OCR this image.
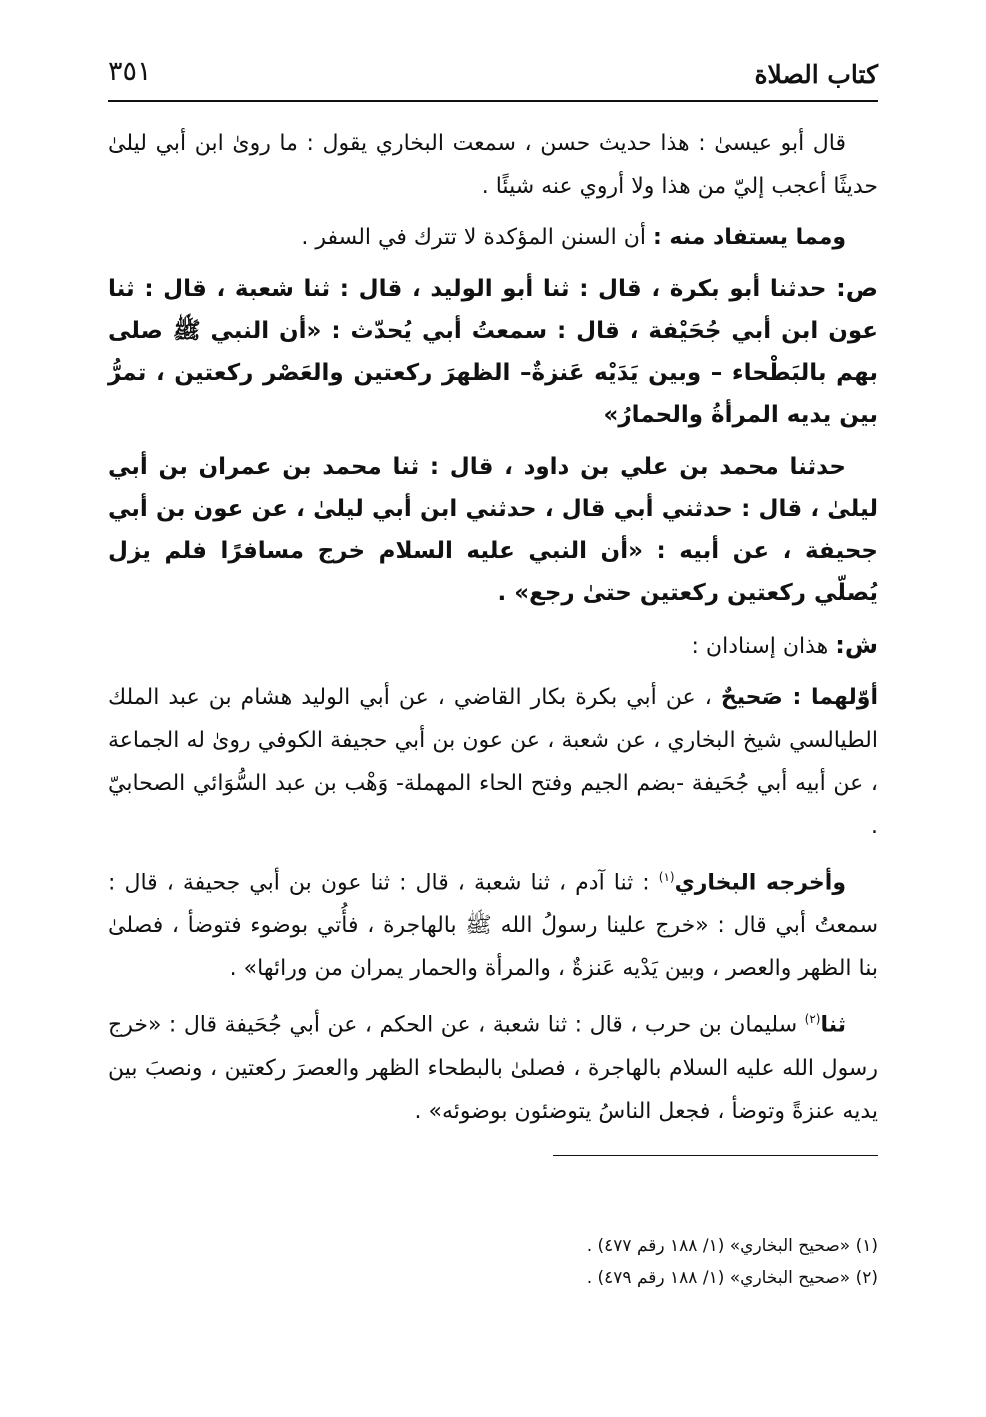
كتاب الصلاة
٣٥١

قال أبو عيسىٰ : هذا حديث حسن ، سمعت البخاري يقول : ما روىٰ ابن أبي ليلىٰ حديثًا أعجب إليّ من هذا ولا أروي عنه شيئًا .

ومما يستفاد منه : أن السنن المؤكدة لا تترك في السفر .

ص: حدثنا أبو بكرة ، قال : ثنا أبو الوليد ، قال : ثنا شعبة ، قال : ثنا عون ابن أبي جُحَيْفة ، قال : سمعتُ أبي يُحدّث : «أن النبي ﷺ صلى بهم بالبَطْحاء – وبين يَدَيْه عَنزةٌ– الظهرَ ركعتين والعَصْر ركعتين ، تمرُّ بين يديه المرأةُ والحمارُ»

حدثنا محمد بن علي بن داود ، قال : ثنا محمد بن عمران بن أبي ليلىٰ ، قال : حدثني أبي قال ، حدثني ابن أبي ليلىٰ ، عن عون بن أبي جحيفة ، عن أبيه : «أن النبي عليه السلام خرج مسافرًا فلم يزل يُصلّي ركعتين ركعتين حتىٰ رجع» .

ش: هذان إسنادان :

أوّلهما : صَحيحٌ ، عن أبي بكرة بكار القاضي ، عن أبي الوليد هشام بن عبد الملك الطيالسي شيخ البخاري ، عن شعبة ، عن عون بن أبي حجيفة الكوفي روىٰ له الجماعة ، عن أبيه أبي جُحَيفة -بضم الجيم وفتح الحاء المهملة- وَهْب بن عبد السُّوَائي الصحابيّ .

وأخرجه البخاري$^{(١)}$ : ثنا آدم ، ثنا شعبة ، قال : ثنا عون بن أبي جحيفة ، قال : سمعتُ أبي قال : «خرج علينا رسولُ الله ﷺ بالهاجرة ، فأُتي بوضوء فتوضأ ، فصلىٰ بنا الظهر والعصر ، وبين يَدْيه عَنزةٌ ، والمرأة والحمار يمران من ورائها» .

ثنا$^{(٢)}$ سليمان بن حرب ، قال : ثنا شعبة ، عن الحكم ، عن أبي جُحَيفة قال : «خرج رسول الله عليه السلام بالهاجرة ، فصلىٰ بالبطحاء الظهر والعصرَ ركعتين ، ونصبَ بين يديه عنزةً وتوضأ ، فجعل الناسُ يتوضئون بوضوئه» .

(١) «صحيح البخاري» (١/ ١٨٨ رقم ٤٧٧) .

(٢) «صحيح البخاري» (١/ ١٨٨ رقم ٤٧٩) .
